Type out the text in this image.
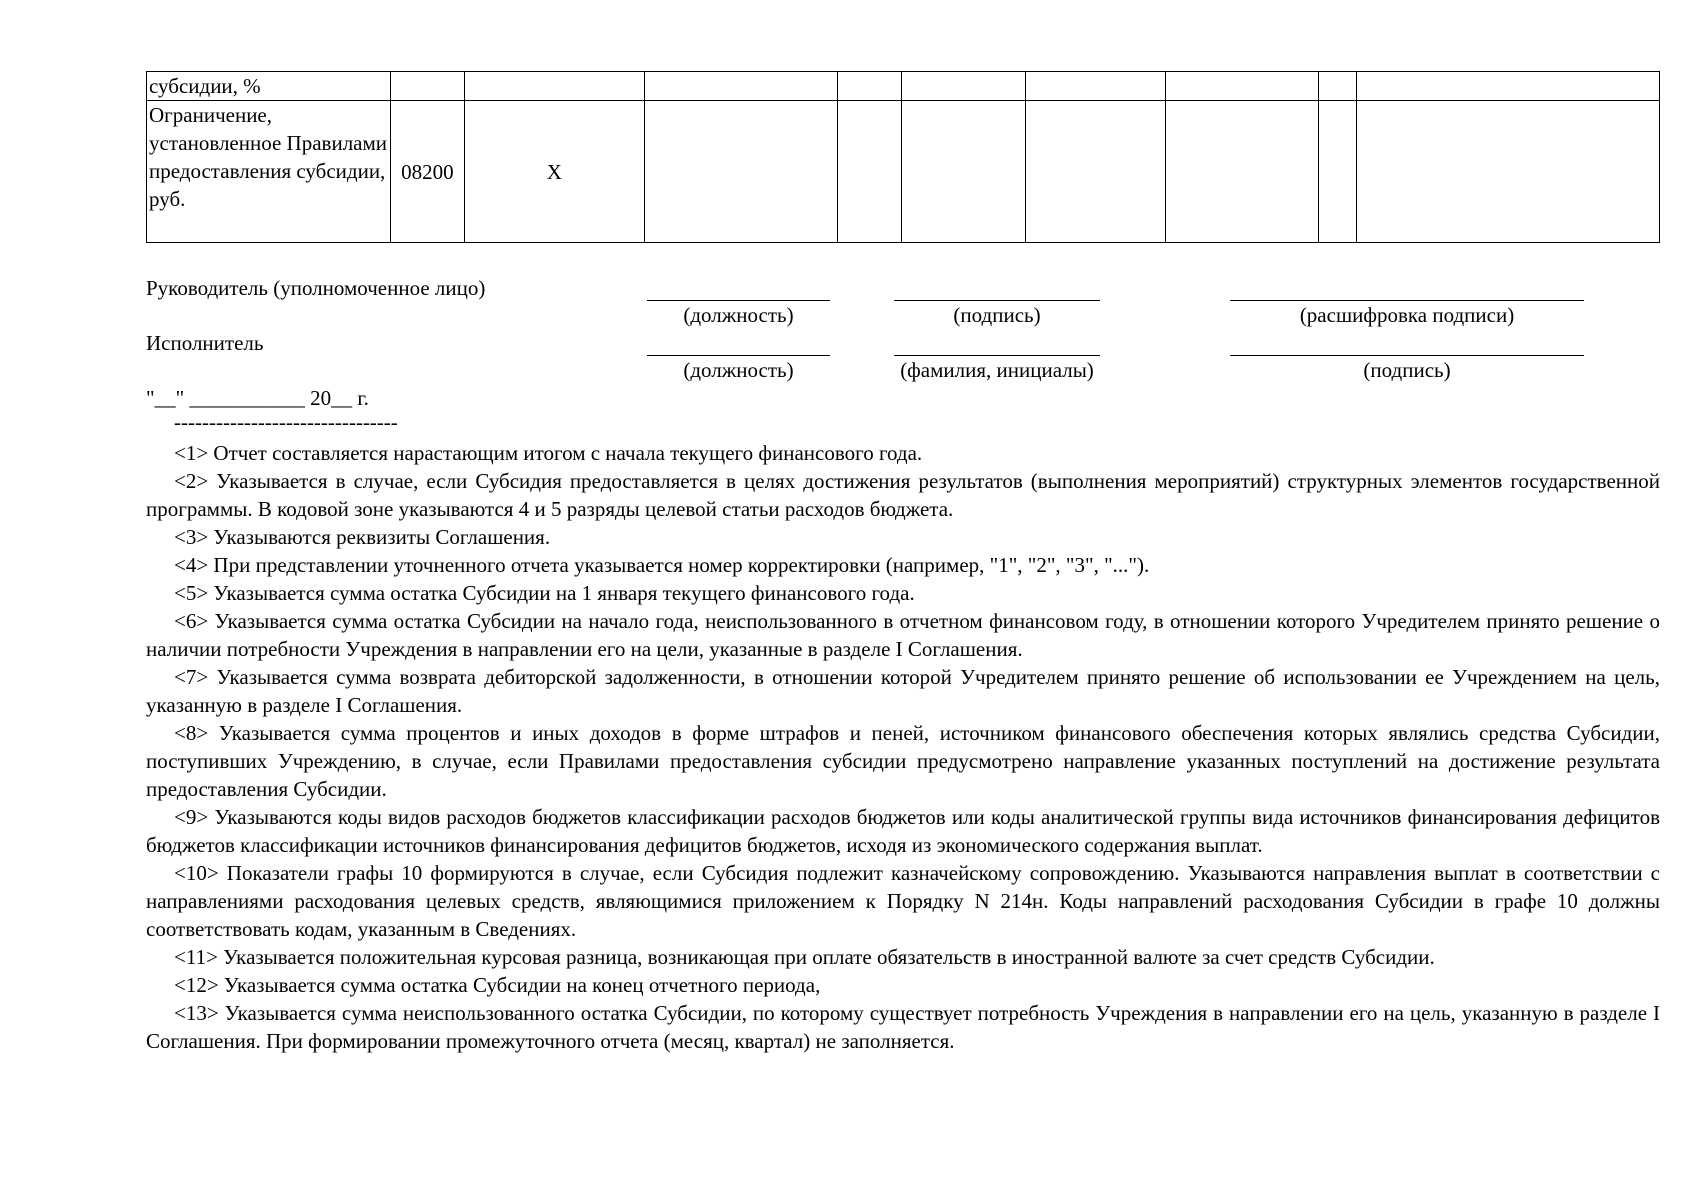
субсидии, %									
Ограничение, установленное Правилами предоставления субсидии, руб.	08200	X							
Руководитель (уполномоченное лицо)
(должность)	(подпись)	(расшифровка подписи)
Исполнитель
(должность)	(фамилия, инициалы)	(подпись)
"__" ___________ 20__ г.
--------------------------------

<1> Отчет составляется нарастающим итогом с начала текущего финансового года.

<2> Указывается в случае, если Субсидия предоставляется в целях достижения результатов (выполнения мероприятий) структурных элементов государственной программы. В кодовой зоне указываются 4 и 5 разряды целевой статьи расходов бюджета.

<3> Указываются реквизиты Соглашения.

<4> При представлении уточненного отчета указывается номер корректировки (например, "1", "2", "3", "...").

<5> Указывается сумма остатка Субсидии на 1 января текущего финансового года.

<6> Указывается сумма остатка Субсидии на начало года, неиспользованного в отчетном финансовом году, в отношении которого Учредителем принято решение о наличии потребности Учреждения в направлении его на цели, указанные в разделе I Соглашения.

<7> Указывается сумма возврата дебиторской задолженности, в отношении которой Учредителем принято решение об использовании ее Учреждением на цель, указанную в разделе I Соглашения.

<8> Указывается сумма процентов и иных доходов в форме штрафов и пеней, источником финансового обеспечения которых являлись средства Субсидии, поступивших Учреждению, в случае, если Правилами предоставления субсидии предусмотрено направление указанных поступлений на достижение результата предоставления Субсидии.

<9> Указываются коды видов расходов бюджетов классификации расходов бюджетов или коды аналитической группы вида источников финансирования дефицитов бюджетов классификации источников финансирования дефицитов бюджетов, исходя из экономического содержания выплат.

<10> Показатели графы 10 формируются в случае, если Субсидия подлежит казначейскому сопровождению. Указываются направления выплат в соответствии с направлениями расходования целевых средств, являющимися приложением к Порядку N 214н. Коды направлений расходования Субсидии в графе 10 должны соответствовать кодам, указанным в Сведениях.

<11> Указывается положительная курсовая разница, возникающая при оплате обязательств в иностранной валюте за счет средств Субсидии.

<12> Указывается сумма остатка Субсидии на конец отчетного периода,

<13> Указывается сумма неиспользованного остатка Субсидии, по которому существует потребность Учреждения в направлении его на цель, указанную в разделе I Соглашения. При формировании промежуточного отчета (месяц, квартал) не заполняется.
